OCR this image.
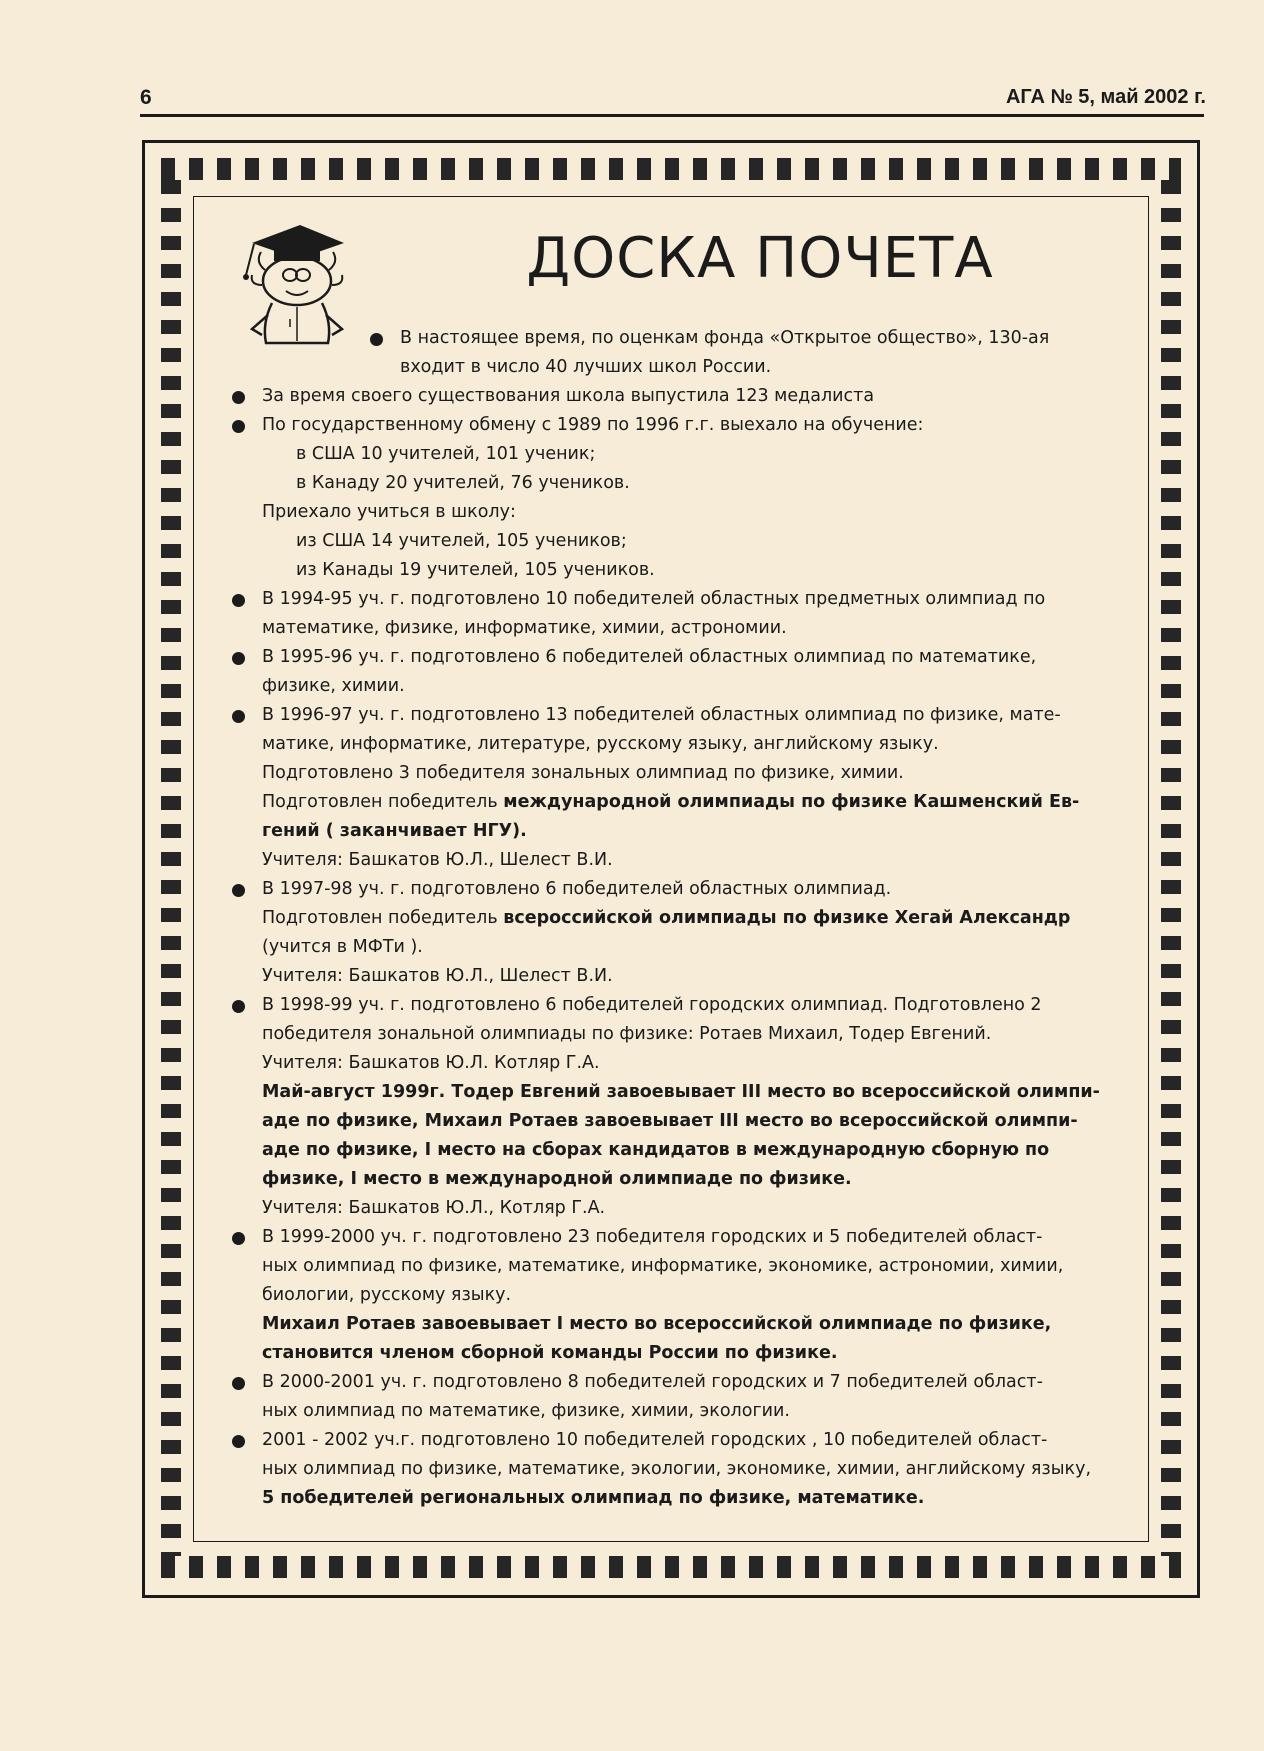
6	АГА № 5, май 2002 г.
ДОСКА ПОЧЕТА
В настоящее время, по оценкам фонда «Открытое общество», 130-ая
входит в число 40 лучших школ России.
За время своего существования школа выпустила 123 медалиста
По государственному обмену с 1989 по 1996 г.г. выехало на обучение:
в США 10 учителей, 101 ученик;
в Канаду 20 учителей, 76 учеников.
Приехало учиться в школу:
из США 14 учителей, 105 учеников;
из Канады 19 учителей, 105 учеников.
В 1994-95 уч. г. подготовлено 10 победителей областных предметных олимпиад по
математике, физике, информатике, химии, астрономии.
В 1995-96 уч. г. подготовлено 6 победителей областных олимпиад по математике,
физике, химии.
В 1996-97 уч. г. подготовлено 13 победителей областных олимпиад по физике, мате-
матике, информатике, литературе, русскому языку, английскому языку.
Подготовлено 3 победителя зональных олимпиад по физике, химии.
Подготовлен победитель международной олимпиады по физике Кашменский Ев-
гений ( заканчивает НГУ).
Учителя: Башкатов Ю.Л., Шелест В.И.
В 1997-98 уч. г. подготовлено 6 победителей областных олимпиад.
Подготовлен победитель всероссийской олимпиады по физике Хегай Александр
(учится в МФТи ).
Учителя: Башкатов Ю.Л., Шелест В.И.
В 1998-99 уч. г. подготовлено 6 победителей городских олимпиад. Подготовлено 2
победителя зональной олимпиады по физике: Ротаев Михаил, Тодер Евгений.
Учителя: Башкатов Ю.Л. Котляр Г.А.
Май-август 1999г. Тодер Евгений завоевывает III место во всероссийской олимпи-
аде по физике, Михаил Ротаев завоевывает III место во всероссийской олимпи-
аде по физике, I место на сборах кандидатов в международную сборную по
физике, I место в международной олимпиаде по физике.
Учителя: Башкатов Ю.Л., Котляр Г.А.
В 1999-2000 уч. г. подготовлено 23 победителя городских и 5 победителей област-
ных олимпиад по физике, математике, информатике, экономике, астрономии, химии,
биологии, русскому языку.
Михаил Ротаев завоевывает I место во всероссийской олимпиаде по физике,
становится членом сборной команды России по физике.
В 2000-2001 уч. г. подготовлено 8 победителей городских и 7 победителей област-
ных олимпиад по математике, физике, химии, экологии.
2001 - 2002 уч.г. подготовлено 10 победителей городских , 10 победителей област-
ных олимпиад по физике, математике, экологии, экономике, химии, английскому языку,
5 победителей региональных олимпиад по физике, математике.
